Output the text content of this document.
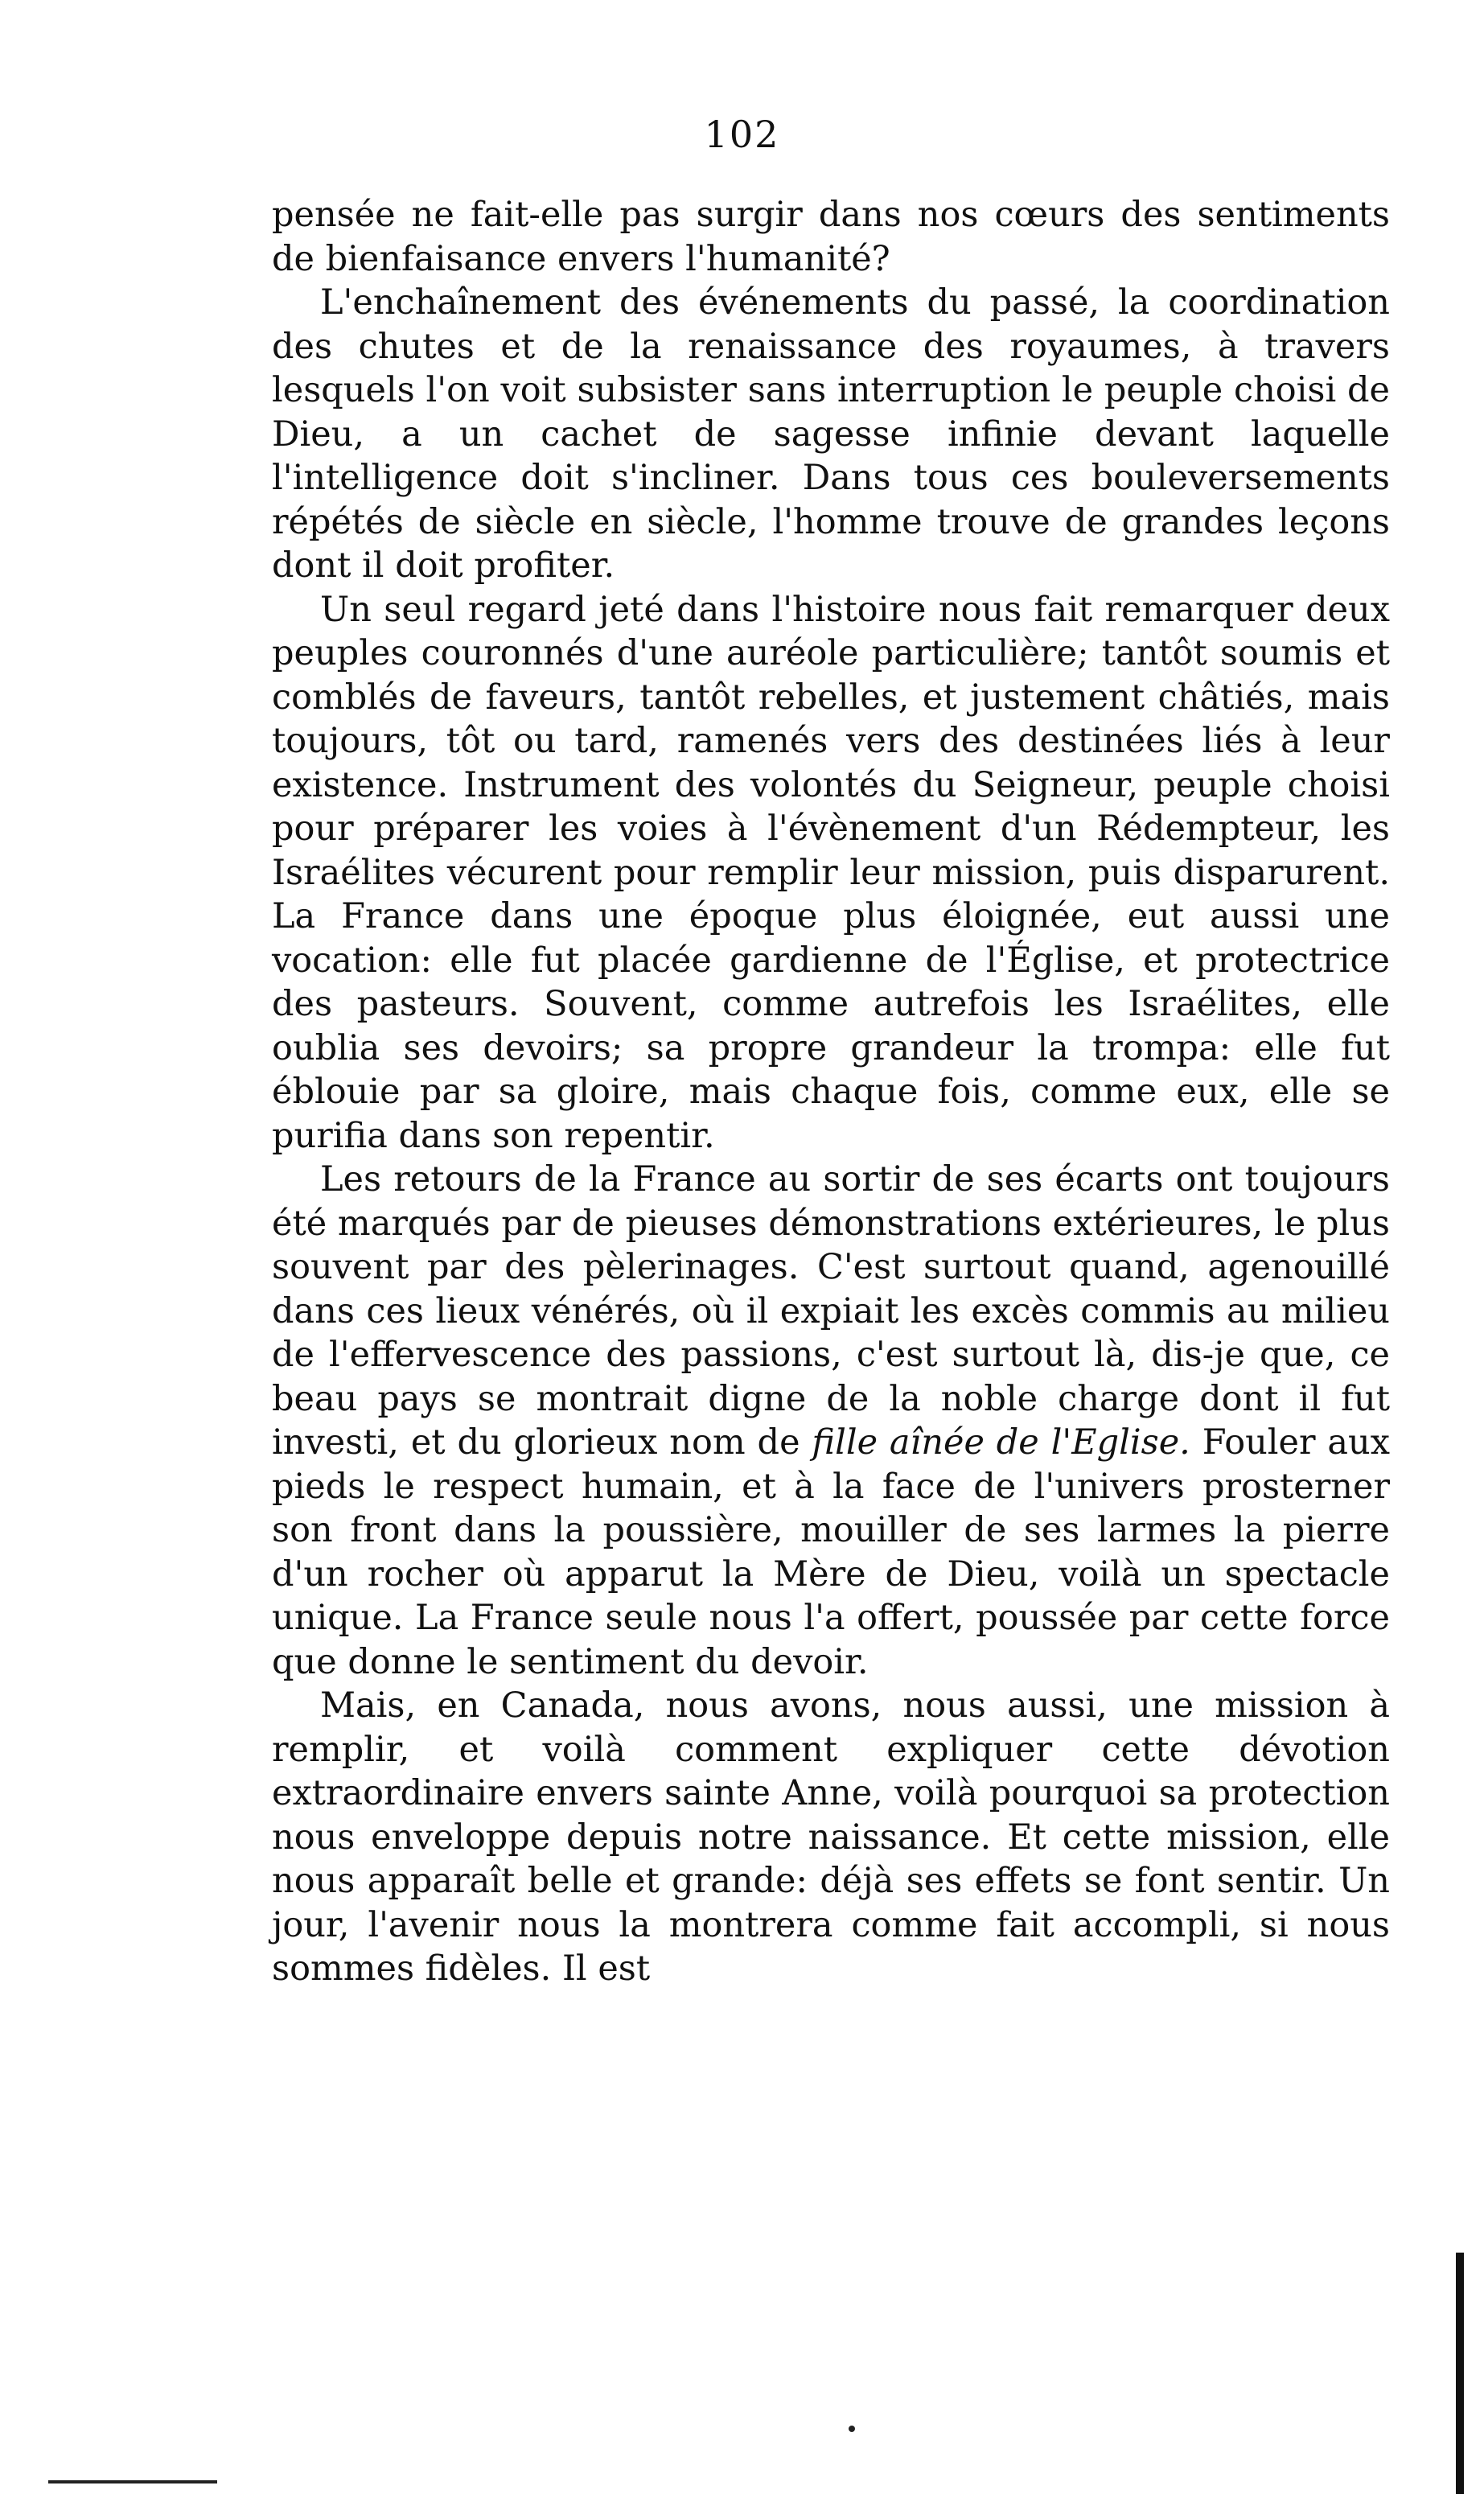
102

pensée ne fait-elle pas surgir dans nos cœurs des sentiments de bienfaisance envers l'humanité?

L'enchaînement des événements du passé, la coordination des chutes et de la renaissance des royaumes, à travers lesquels l'on voit subsister sans interruption le peuple choisi de Dieu, a un cachet de sagesse infinie devant laquelle l'intelligence doit s'incliner. Dans tous ces bouleversements répétés de siècle en siècle, l'homme trouve de grandes leçons dont il doit profiter.

Un seul regard jeté dans l'histoire nous fait remarquer deux peuples couronnés d'une auréole particulière; tantôt soumis et comblés de faveurs, tantôt rebelles, et justement châtiés, mais toujours, tôt ou tard, ramenés vers des destinées liés à leur existence. Instrument des volontés du Seigneur, peuple choisi pour préparer les voies à l'évènement d'un Rédempteur, les Israélites vécurent pour remplir leur mission, puis disparurent. La France dans une époque plus éloignée, eut aussi une vocation: elle fut placée gardienne de l'Église, et protectrice des pasteurs. Souvent, comme autrefois les Israélites, elle oublia ses devoirs; sa propre grandeur la trompa: elle fut éblouie par sa gloire, mais chaque fois, comme eux, elle se purifia dans son repentir.

Les retours de la France au sortir de ses écarts ont toujours été marqués par de pieuses démonstrations extérieures, le plus souvent par des pèlerinages. C'est surtout quand, agenouillé dans ces lieux vénérés, où il expiait les excès commis au milieu de l'effervescence des passions, c'est surtout là, dis-je que, ce beau pays se montrait digne de la noble charge dont il fut investi, et du glorieux nom de fille aînée de l'Eglise. Fouler aux pieds le respect humain, et à la face de l'univers prosterner son front dans la poussière, mouiller de ses larmes la pierre d'un rocher où apparut la Mère de Dieu, voilà un spectacle unique. La France seule nous l'a offert, poussée par cette force que donne le sentiment du devoir.

Mais, en Canada, nous avons, nous aussi, une mission à remplir, et voilà comment expliquer cette dévotion extraordinaire envers sainte Anne, voilà pourquoi sa protection nous enveloppe depuis notre naissance. Et cette mission, elle nous apparaît belle et grande: déjà ses effets se font sentir. Un jour, l'avenir nous la montrera comme fait accompli, si nous sommes fidèles. Il est
